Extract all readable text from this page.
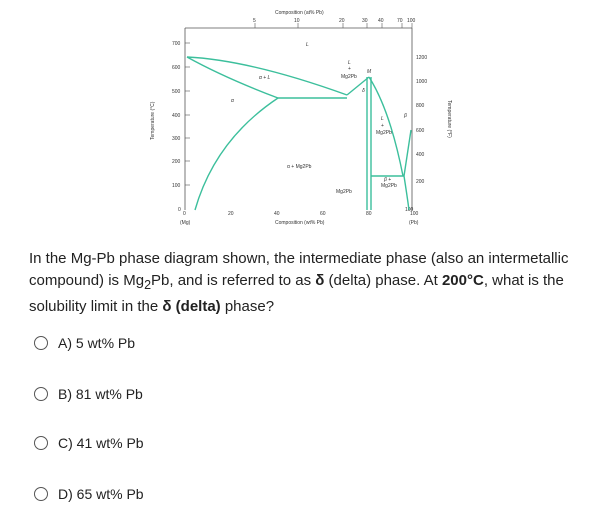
Composition (at% Pb)
5	10	20	30 40	70 100
Temperature (°C)
700
600
500
400
300
200
100
0
Temperature (°F)
1200
1000
800
600
400
200
100
0	20	40	60	80	100
(Mg)	(Pb)
Composition (wt% Pb)
L
α + L
α
α + Mg2Pb
L
+
Mg2Pb
M
Mg2Pb
L
+
Mg2Pb
β
β +
Mg2Pb
δ
In the Mg-Pb phase diagram shown, the intermediate phase (also an intermetallic compound) is $Mg_2Pb$, and is referred to as δ (delta) phase. At 200°C, what is the solubility limit in the δ (delta) phase?
A) 5 wt% Pb
B) 81 wt% Pb
C) 41 wt% Pb
D) 65 wt% Pb
